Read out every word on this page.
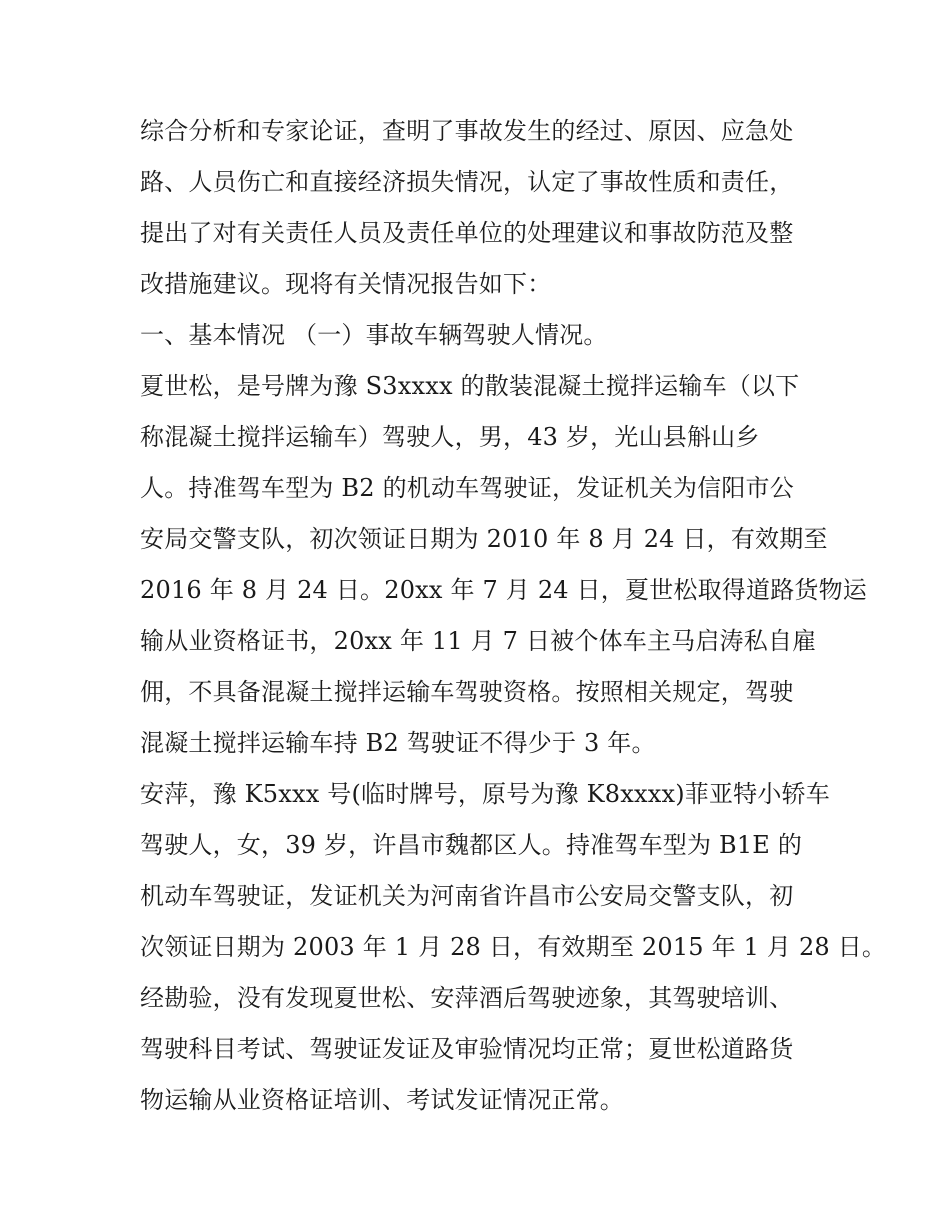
综合分析和专家论证，查明了事故发生的经过、原因、应急处
路、人员伤亡和直接经济损失情况，认定了事故性质和责任，
提出了对有关责任人员及责任单位的处理建议和事故防范及整
改措施建议。现将有关情况报告如下：
一、基本情况 （一）事故车辆驾驶人情况。
夏世松，是号牌为豫 S3xxxx 的散装混凝土搅拌运输车（以下
称混凝土搅拌运输车）驾驶人，男，43 岁，光山县斛山乡
人。持准驾车型为 B2 的机动车驾驶证，发证机关为信阳市公
安局交警支队，初次领证日期为 2010 年 8 月 24 日，有效期至
2016 年 8 月 24 日。20xx 年 7 月 24 日，夏世松取得道路货物运
输从业资格证书，20xx 年 11 月 7 日被个体车主马启涛私自雇
佣，不具备混凝土搅拌运输车驾驶资格。按照相关规定，驾驶
混凝土搅拌运输车持 B2 驾驶证不得少于 3 年。
安萍，豫 K5xxx 号(临时牌号，原号为豫 K8xxxx)菲亚特小轿车
驾驶人，女，39 岁，许昌市魏都区人。持准驾车型为 B1E 的
机动车驾驶证，发证机关为河南省许昌市公安局交警支队，初
次领证日期为 2003 年 1 月 28 日，有效期至 2015 年 1 月 28 日。
经勘验，没有发现夏世松、安萍酒后驾驶迹象，其驾驶培训、
驾驶科目考试、驾驶证发证及审验情况均正常；夏世松道路货
物运输从业资格证培训、考试发证情况正常。
